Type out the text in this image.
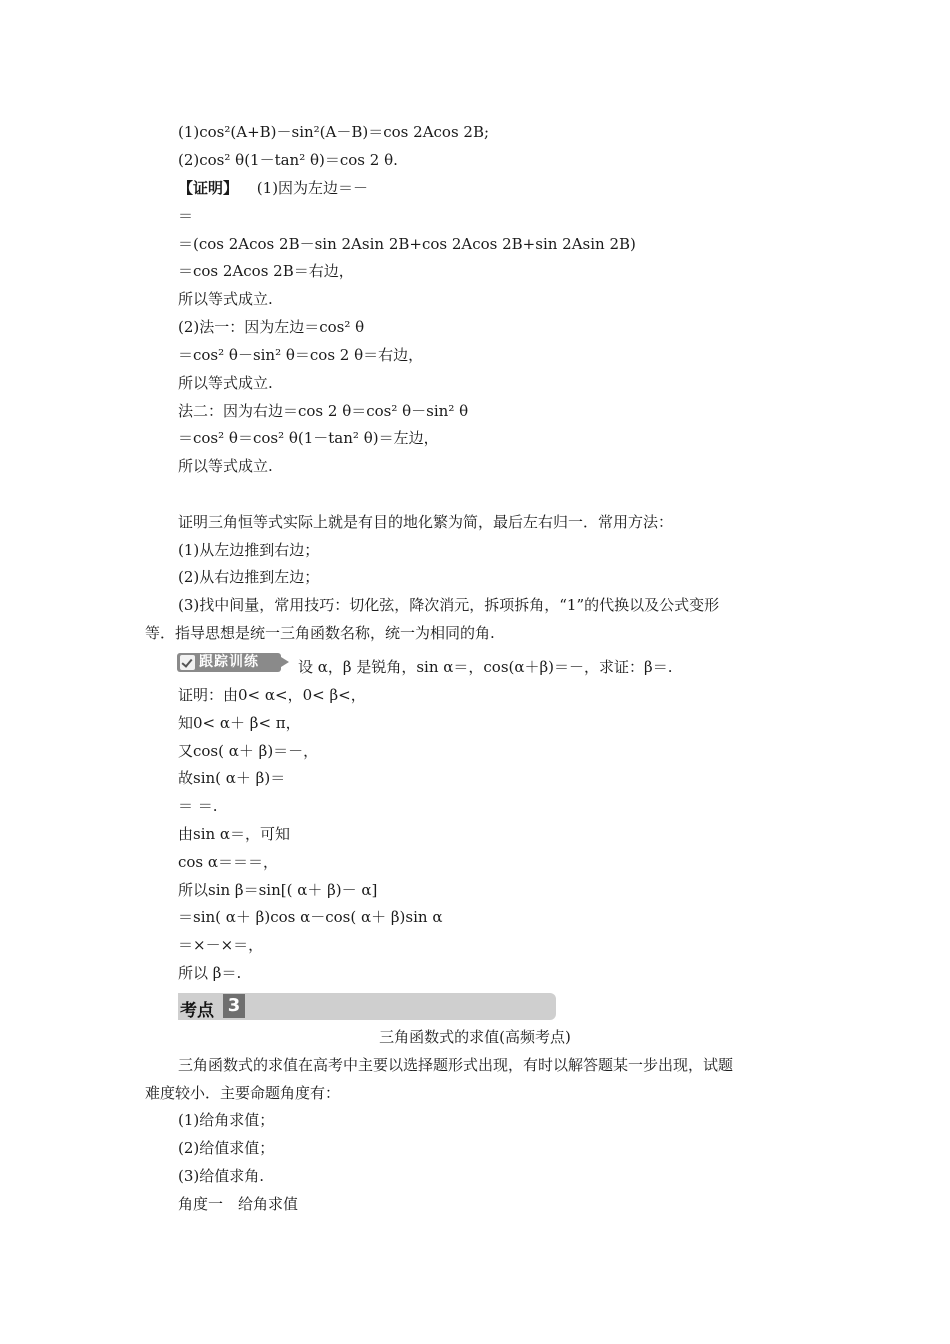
(1)cos²(A+B)－sin²(A－B)＝cos 2Acos 2B;
(2)cos² θ(1－tan² θ)＝cos 2 θ.
【证明】 (1)因为左边＝－
＝
＝(cos 2Acos 2B－sin 2Asin 2B+cos 2Acos 2B+sin 2Asin 2B)
＝cos 2Acos 2B＝右边，
所以等式成立.
(2)法一：因为左边＝cos² θ
＝cos² θ－sin² θ＝cos 2 θ＝右边，
所以等式成立.
法二：因为右边＝cos 2 θ＝cos² θ－sin² θ
＝cos² θ＝cos² θ(1－tan² θ)＝左边，
所以等式成立.
证明三角恒等式实际上就是有目的地化繁为简，最后左右归一．常用方法：
(1)从左边推到右边；
(2)从右边推到左边；
(3)找中间量，常用技巧：切化弦，降次消元，拆项拆角，“1”的代换以及公式变形
等．指导思想是统一三角函数名称，统一为相同的角.
跟踪训练	设 α，β 是锐角，sin α＝，cos(α＋β)＝－，求证：β＝.
证明：由0< α<，0< β<，
知0< α＋ β< π，
又cos( α＋ β)＝－，
故sin( α＋ β)＝
＝ ＝.
由sin α＝，可知
cos α＝＝＝，
所以sin β＝sin[( α＋ β)－ α]
＝sin( α＋ β)cos α－cos( α＋ β)sin α
＝×－×＝，
所以 β＝.
考点 3
三角函数式的求值(高频考点)
三角函数式的求值在高考中主要以选择题形式出现，有时以解答题某一步出现，试题
难度较小．主要命题角度有：
(1)给角求值；
(2)给值求值；
(3)给值求角.
角度一　给角求值
